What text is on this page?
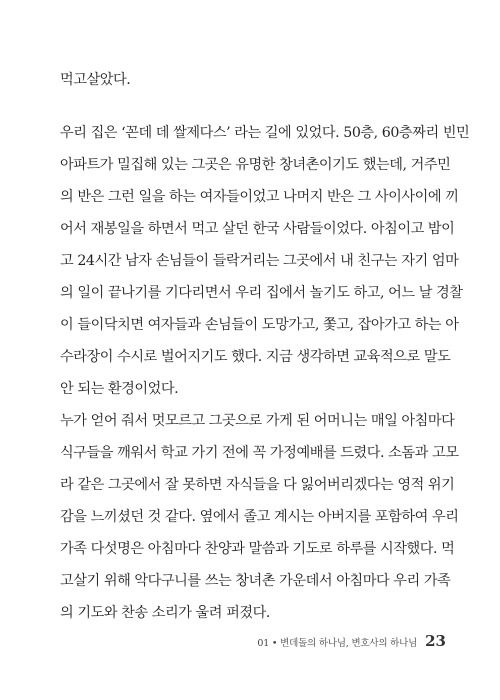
먹고살았다.
우리 집은 ‘꼰데 데 쌀제다스’ 라는 길에 있었다. 50층, 60층짜리 빈민
아파트가 밀집해 있는 그곳은 유명한 창녀촌이기도 했는데, 거주민
의 반은 그런 일을 하는 여자들이었고 나머지 반은 그 사이사이에 끼
어서 재봉일을 하면서 먹고 살던 한국 사람들이었다. 아침이고 밤이
고 24시간 남자 손님들이 들락거리는 그곳에서 내 친구는 자기 엄마
의 일이 끝나기를 기다리면서 우리 집에서 놀기도 하고, 어느 날 경찰
이 들이닥치면 여자들과 손님들이 도망가고, 쫓고, 잡아가고 하는 아
수라장이 수시로 벌어지기도 했다. 지금 생각하면 교육적으로 말도
안 되는 환경이었다.
누가 얻어 줘서 멋모르고 그곳으로 가게 된 어머니는 매일 아침마다
식구들을 깨워서 학교 가기 전에 꼭 가정예배를 드렸다. 소돔과 고모
라 같은 그곳에서 잘 못하면 자식들을 다 잃어버리겠다는 영적 위기
감을 느끼셨던 것 같다. 옆에서 졸고 계시는 아버지를 포함하여 우리
가족 다섯명은 아침마다 찬양과 말씀과 기도로 하루를 시작했다. 먹
고살기 위해 악다구니를 쓰는 창녀촌 가운데서 아침마다 우리 가족
의 기도와 찬송 소리가 울려 퍼졌다.
01 • 변데돌의 하나님, 변호사의 하나님 23
